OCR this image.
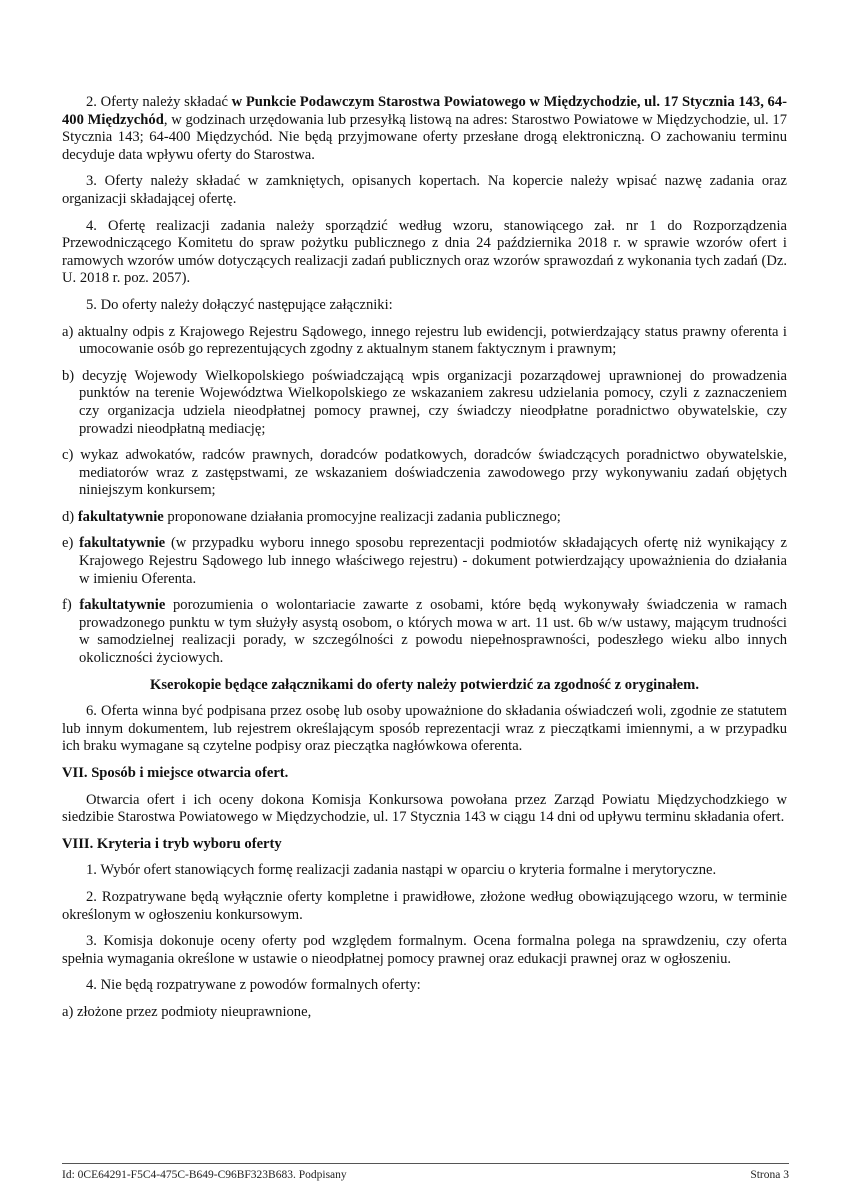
2. Oferty należy składać w Punkcie Podawczym Starostwa Powiatowego w Międzychodzie, ul. 17 Stycznia 143, 64-400 Międzychód, w godzinach urzędowania lub przesyłką listową na adres: Starostwo Powiatowe w Międzychodzie, ul. 17 Stycznia 143; 64-400 Międzychód. Nie będą przyjmowane oferty przesłane drogą elektroniczną. O zachowaniu terminu decyduje data wpływu oferty do Starostwa.

3. Oferty należy składać w zamkniętych, opisanych kopertach. Na kopercie należy wpisać nazwę zadania oraz organizacji składającej ofertę.

4. Ofertę realizacji zadania należy sporządzić według wzoru, stanowiącego zał. nr 1 do Rozporządzenia Przewodniczącego Komitetu do spraw pożytku publicznego z dnia 24 października 2018 r. w sprawie wzorów ofert i ramowych wzorów umów dotyczących realizacji zadań publicznych oraz wzorów sprawozdań z wykonania tych zadań (Dz. U. 2018 r. poz. 2057).

5. Do oferty należy dołączyć następujące załączniki:

a) aktualny odpis z Krajowego Rejestru Sądowego, innego rejestru lub ewidencji, potwierdzający status prawny oferenta i umocowanie osób go reprezentujących zgodny z aktualnym stanem faktycznym i prawnym;

b) decyzję Wojewody Wielkopolskiego poświadczającą wpis organizacji pozarządowej uprawnionej do prowadzenia punktów na terenie Województwa Wielkopolskiego ze wskazaniem zakresu udzielania pomocy, czyli z zaznaczeniem czy organizacja udziela nieodpłatnej pomocy prawnej, czy świadczy nieodpłatne poradnictwo obywatelskie, czy prowadzi nieodpłatną mediację;

c) wykaz adwokatów, radców prawnych, doradców podatkowych, doradców świadczących poradnictwo obywatelskie, mediatorów wraz z zastępstwami, ze wskazaniem doświadczenia zawodowego przy wykonywaniu zadań objętych niniejszym konkursem;

d) fakultatywnie proponowane działania promocyjne realizacji zadania publicznego;

e) fakultatywnie (w przypadku wyboru innego sposobu reprezentacji podmiotów składających ofertę niż wynikający z Krajowego Rejestru Sądowego lub innego właściwego rejestru) - dokument potwierdzający upoważnienia do działania w imieniu Oferenta.

f) fakultatywnie porozumienia o wolontariacie zawarte z osobami, które będą wykonywały świadczenia w ramach prowadzonego punktu w tym służyły asystą osobom, o których mowa w art. 11 ust. 6b w/w ustawy, mającym trudności w samodzielnej realizacji porady, w szczególności z powodu niepełnosprawności, podeszłego wieku albo innych okoliczności życiowych.

Kserokopie będące załącznikami do oferty należy potwierdzić za zgodność z oryginałem.

6. Oferta winna być podpisana przez osobę lub osoby upoważnione do składania oświadczeń woli, zgodnie ze statutem lub innym dokumentem, lub rejestrem określającym sposób reprezentacji wraz z pieczątkami imiennymi, a w przypadku ich braku wymagane są czytelne podpisy oraz pieczątka nagłówkowa oferenta.

VII. Sposób i miejsce otwarcia ofert.

Otwarcia ofert i ich oceny dokona Komisja Konkursowa powołana przez Zarząd Powiatu Międzychodzkiego w siedzibie Starostwa Powiatowego w Międzychodzie, ul. 17 Stycznia 143 w ciągu 14 dni od upływu terminu składania ofert.

VIII. Kryteria i tryb wyboru oferty

1. Wybór ofert stanowiących formę realizacji zadania nastąpi w oparciu o kryteria formalne i merytoryczne.

2. Rozpatrywane będą wyłącznie oferty kompletne i prawidłowe, złożone według obowiązującego wzoru, w terminie określonym w ogłoszeniu konkursowym.

3. Komisja dokonuje oceny oferty pod względem formalnym. Ocena formalna polega na sprawdzeniu, czy oferta spełnia wymagania określone w ustawie o nieodpłatnej pomocy prawnej oraz edukacji prawnej oraz w ogłoszeniu.

4. Nie będą rozpatrywane z powodów formalnych oferty:

a) złożone przez podmioty nieuprawnione,

Id: 0CE64291-F5C4-475C-B649-C96BF323B683. Podpisany	Strona 3
